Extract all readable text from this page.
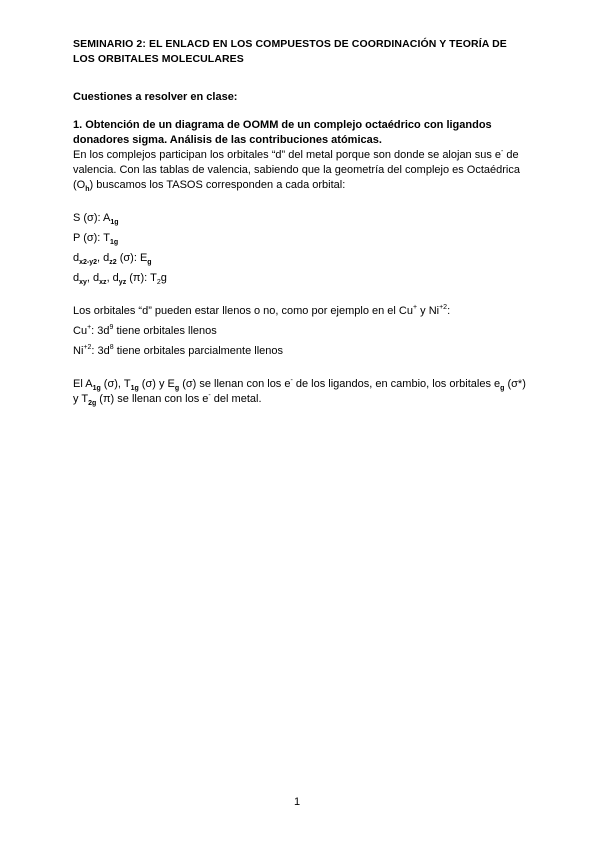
SEMINARIO 2: EL ENLACD EN LOS COMPUESTOS DE COORDINACIÓN Y TEORÍA DE
LOS ORBITALES MOLECULARES
Cuestiones a resolver en clase:
1. Obtención de un diagrama de OOMM de un complejo octaédrico con ligandos
donadores sigma. Análisis de las contribuciones atómicas.
En los complejos participan los orbitales “d” del metal porque son donde se alojan sus e- de
valencia. Con las tablas de valencia, sabiendo que la geometría del complejo es Octaédrica
$(O_h)$ buscamos los TASOS corresponden a cada orbital:
S (σ): $A_{1g}$
P (σ): $T_{1g}$
$d_{x2-y2}$, $d_{z2}$ (σ): $E_g$
$d_{xy}$, $d_{xz}$, $d_{yz}$ (π): $T_2g$
Los orbitales “d” pueden estar llenos o no, como por ejemplo en el Cu+ y $Ni^{+2}$:
Cu+: $3d^9$ tiene orbitales llenos
$Ni^{+2}$: $3d^8$ tiene orbitales parcialmente llenos
El $A_{1g}$ (σ), $T_{1g}$ (σ) y $E_g$ (σ) se llenan con los e- de los ligandos, en cambio, los orbitales $e_g$ (σ*)
y $T_{2g}$ (π) se llenan con los e- del metal.
1
